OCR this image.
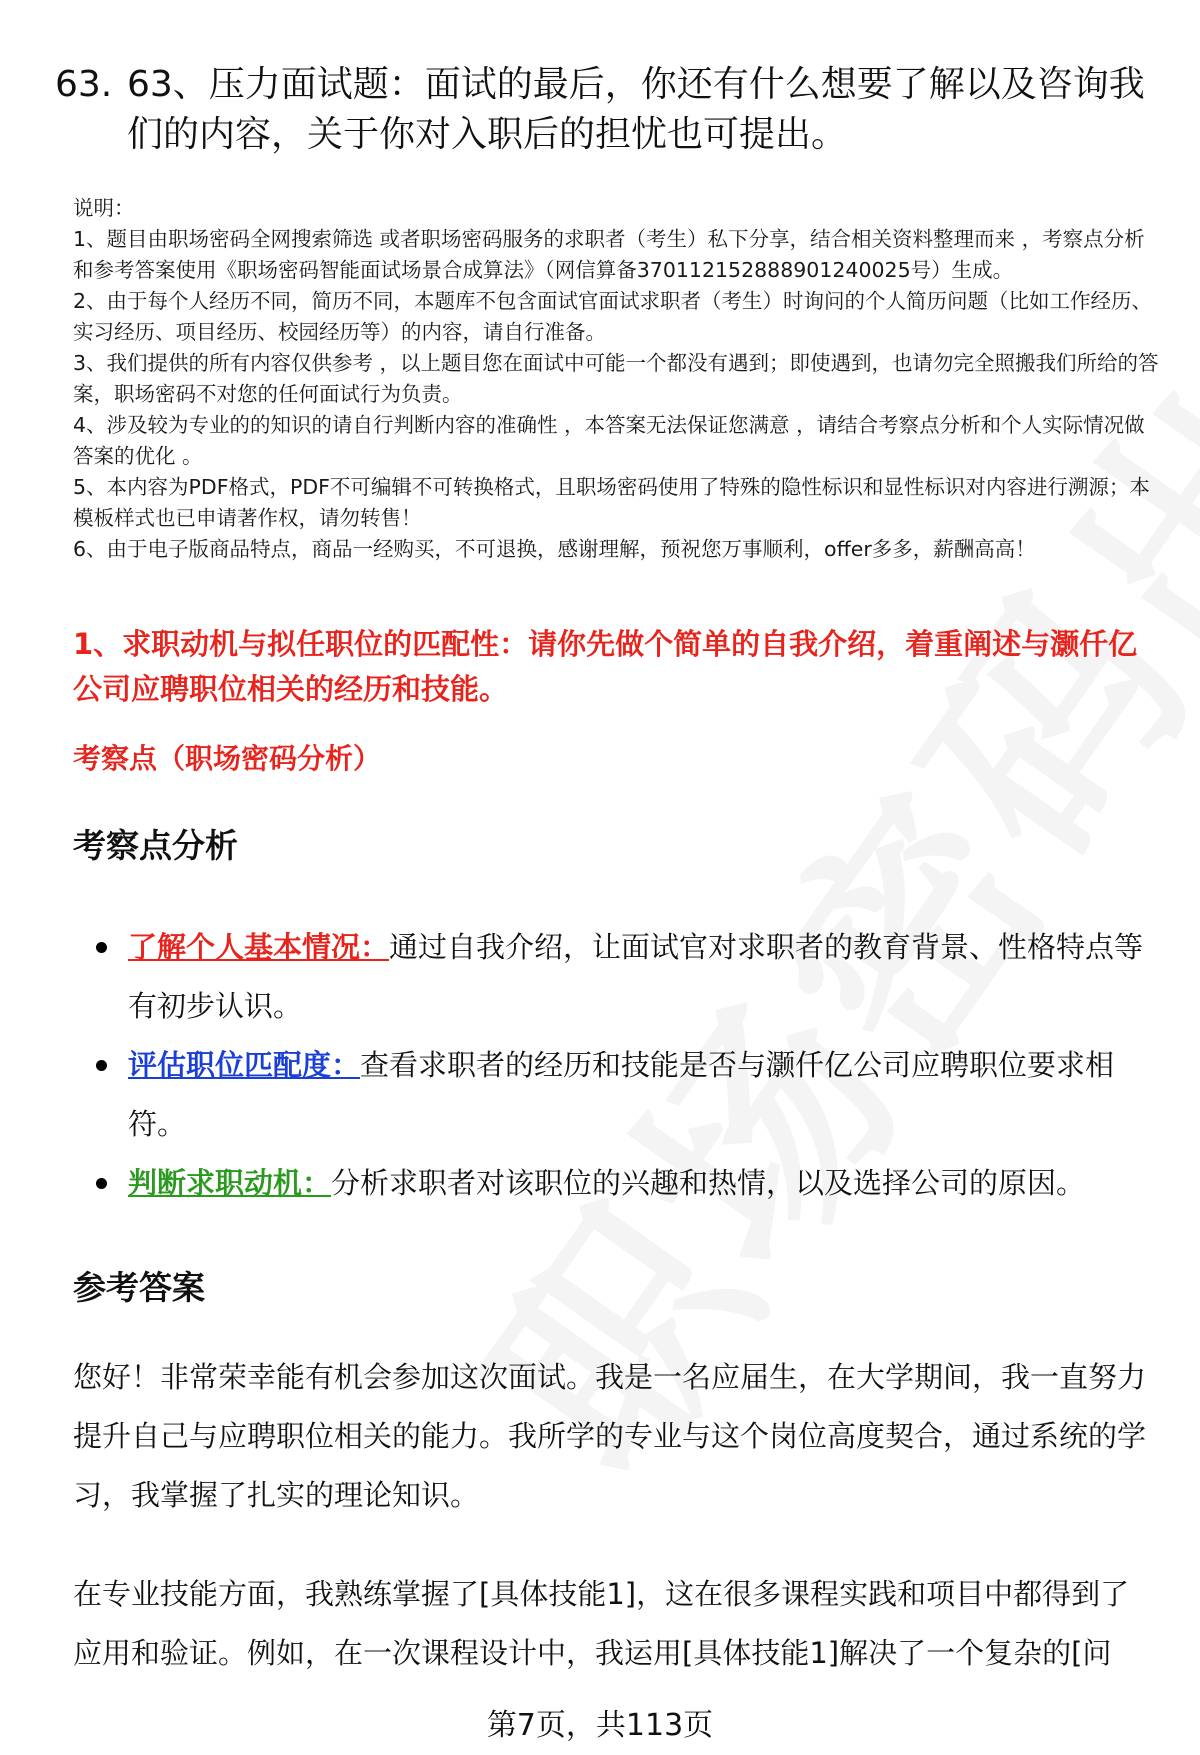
63. 63、压力面试题：面试的最后，你还有什么想要了解以及咨询我们的内容，关于你对入职后的担忧也可提出。

说明：

1、题目由职场密码全网搜索筛选 或者职场密码服务的求职者（考生）私下分享，结合相关资料整理而来 ，考察点分析和参考答案使用《职场密码智能面试场景合成算法》（网信算备370112152888901240025号）生成。

2、由于每个人经历不同，简历不同，本题库不包含面试官面试求职者（考生）时询问的个人简历问题（比如工作经历、实习经历、项目经历、校园经历等）的内容，请自行准备。

3、我们提供的所有内容仅供参考 ，以上题目您在面试中可能一个都没有遇到；即使遇到，也请勿完全照搬我们所给的答案，职场密码不对您的任何面试行为负责。

4、涉及较为专业的的知识的请自行判断内容的准确性 ，本答案无法保证您满意 ，请结合考察点分析和个人实际情况做答案的优化 。

5、本内容为PDF格式，PDF不可编辑不可转换格式，且职场密码使用了特殊的隐性标识和显性标识对内容进行溯源；本模板样式也已申请著作权，请勿转售！

6、由于电子版商品特点，商品一经购买，不可退换，感谢理解，预祝您万事顺利，offer多多，薪酬高高！

1、求职动机与拟任职位的匹配性：请你先做个简单的自我介绍，着重阐述与灏仟亿公司应聘职位相关的经历和技能。
考察点（职场密码分析）
考察点分析
了解个人基本情况：通过自我介绍，让面试官对求职者的教育背景、性格特点等有初步认识。
评估职位匹配度：查看求职者的经历和技能是否与灏仟亿公司应聘职位要求相符。
判断求职动机：分析求职者对该职位的兴趣和热情，以及选择公司的原因。
参考答案

您好！非常荣幸能有机会参加这次面试。我是一名应届生，在大学期间，我一直努力提升自己与应聘职位相关的能力。我所学的专业与这个岗位高度契合，通过系统的学习，我掌握了扎实的理论知识。

在专业技能方面，我熟练掌握了[具体技能1]，这在很多课程实践和项目中都得到了应用和验证。例如，在一次课程设计中，我运用[具体技能1]解决了一个复杂的[问

第7页，共113页
